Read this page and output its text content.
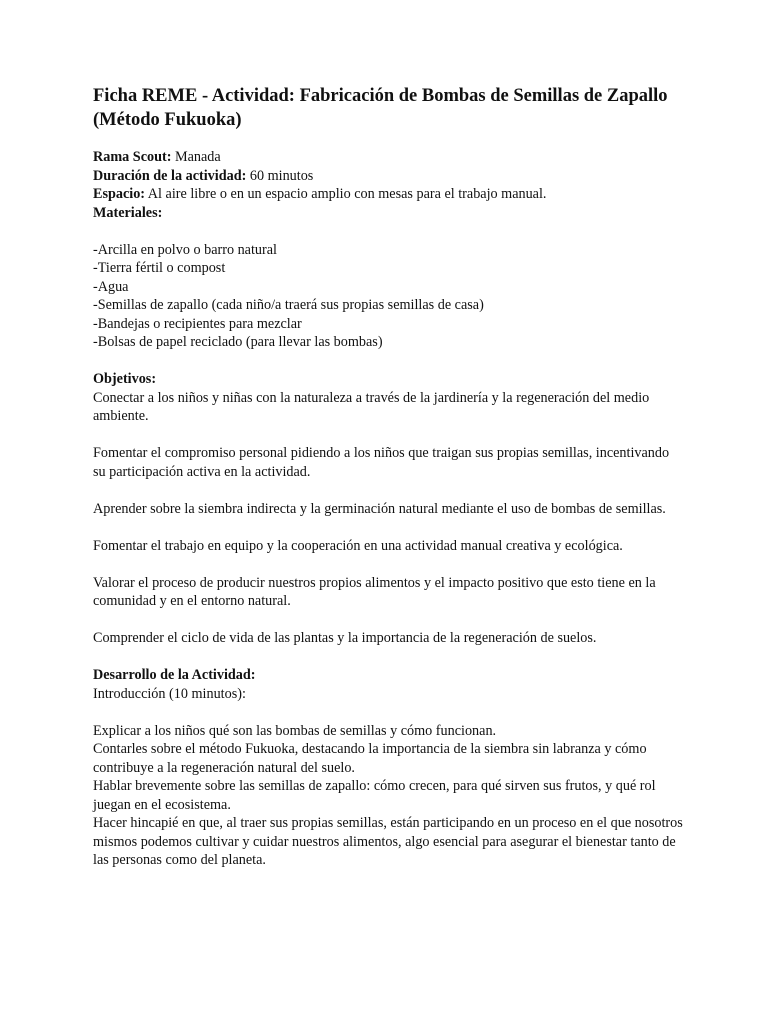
Ficha REME - Actividad: Fabricación de Bombas de Semillas de Zapallo (Método Fukuoka)

Rama Scout: Manada

Duración de la actividad: 60 minutos

Espacio: Al aire libre o en un espacio amplio con mesas para el trabajo manual.

Materiales:

-Arcilla en polvo o barro natural

-Tierra fértil o compost

-Agua

-Semillas de zapallo (cada niño/a traerá sus propias semillas de casa)

-Bandejas o recipientes para mezclar

-Bolsas de papel reciclado (para llevar las bombas)

Objetivos:

Conectar a los niños y niñas con la naturaleza a través de la jardinería y la regeneración del medio ambiente.

Fomentar el compromiso personal pidiendo a los niños que traigan sus propias semillas, incentivando su participación activa en la actividad.

Aprender sobre la siembra indirecta y la germinación natural mediante el uso de bombas de semillas.

Fomentar el trabajo en equipo y la cooperación en una actividad manual creativa y ecológica.

Valorar el proceso de producir nuestros propios alimentos y el impacto positivo que esto tiene en la comunidad y en el entorno natural.

Comprender el ciclo de vida de las plantas y la importancia de la regeneración de suelos.

Desarrollo de la Actividad:

Introducción (10 minutos):

Explicar a los niños qué son las bombas de semillas y cómo funcionan.

Contarles sobre el método Fukuoka, destacando la importancia de la siembra sin labranza y cómo contribuye a la regeneración natural del suelo.

Hablar brevemente sobre las semillas de zapallo: cómo crecen, para qué sirven sus frutos, y qué rol juegan en el ecosistema.

Hacer hincapié en que, al traer sus propias semillas, están participando en un proceso en el que nosotros mismos podemos cultivar y cuidar nuestros alimentos, algo esencial para asegurar el bienestar tanto de las personas como del planeta.
